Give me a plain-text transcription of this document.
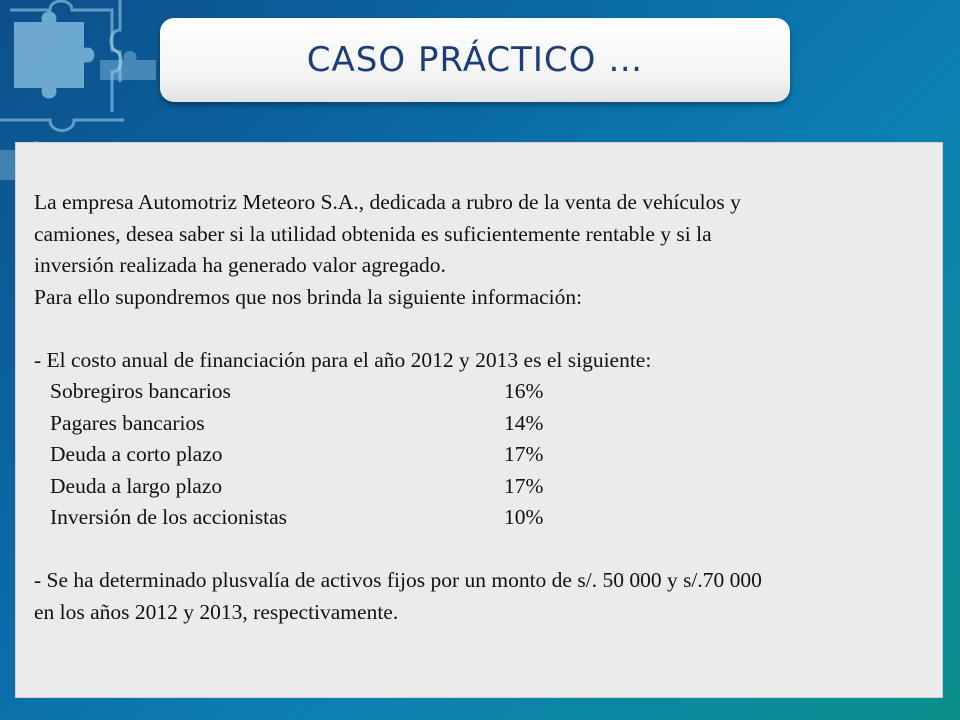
CASO PRÁCTICO …
La empresa Automotriz Meteoro S.A., dedicada a rubro de la venta de vehículos y
camiones, desea saber si la utilidad obtenida es suficientemente rentable y si la
inversión realizada ha generado valor agregado.
Para ello supondremos que nos brinda la siguiente información:
- El costo anual de financiación para el año 2012 y 2013 es el siguiente:
Sobregiros bancarios	16%
Pagares bancarios	14%
Deuda a corto plazo	17%
Deuda a largo plazo	17%
Inversión de los accionistas	10%
- Se ha determinado plusvalía de activos fijos por un monto de s/. 50 000 y s/.70 000
en los años 2012 y 2013, respectivamente.
